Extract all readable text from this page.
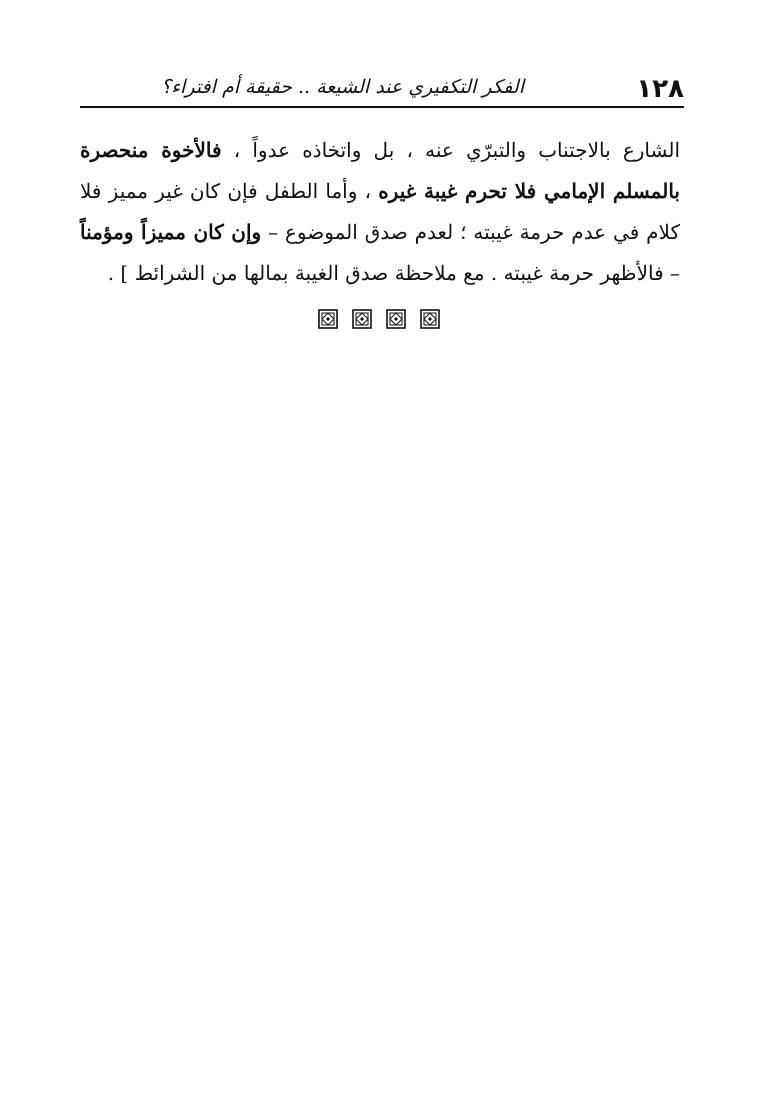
١٢٨
الفكر التكفيري عند الشيعة .. حقيقة أم افتراء؟

الشارع بالاجتناب والتبرّي عنه ، بل واتخاذه عدواً ، فالأخوة منحصرة بالمسلم الإمامي فلا تحرم غيبة غيره ، وأما الطفل فإن كان غير مميز فلا كلام في عدم حرمة غيبته ؛ لعدم صدق الموضوع – وإن كان مميزاً ومؤمناً – فالأظهر حرمة غيبته . مع ملاحظة صدق الغيبة بمالها من الشرائط ] .
